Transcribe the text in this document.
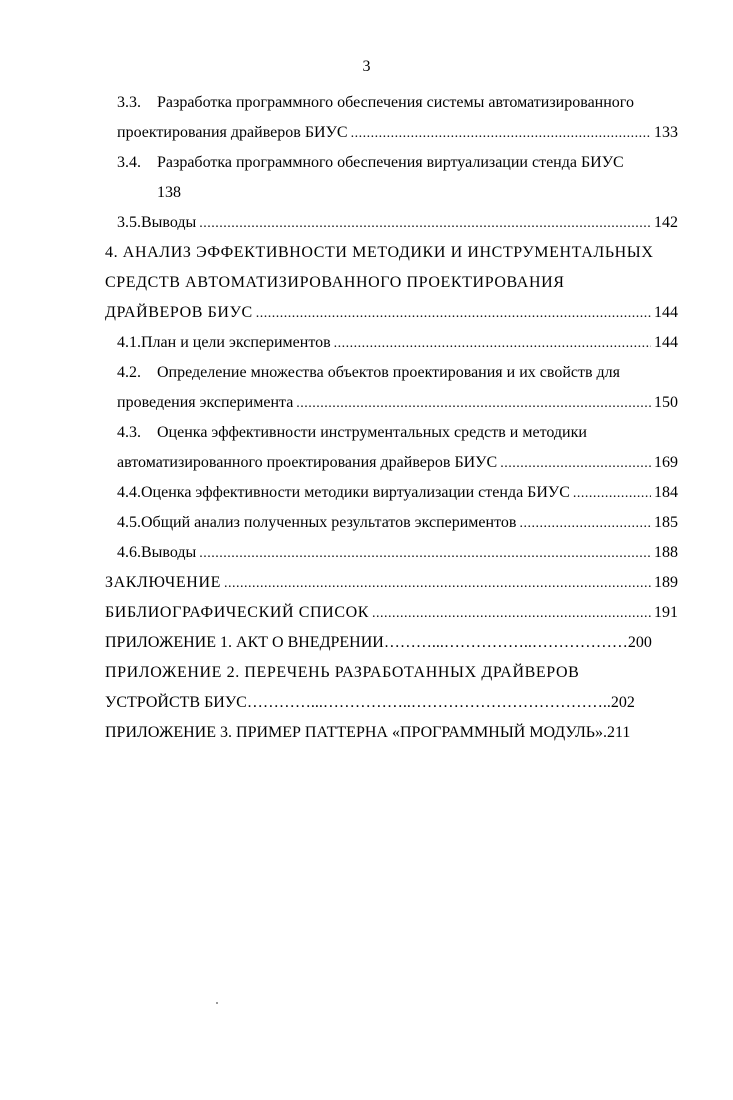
3
3.3. Разработка программного обеспечения системы автоматизированного
проектирования драйверов БИУС .....	133
3.4. Разработка программного обеспечения виртуализации стенда БИУС
138
3.5. Выводы .....	142
4. АНАЛИЗ ЭФФЕКТИВНОСТИ МЕТОДИКИ И ИНСТРУМЕНТАЛЬНЫХ
СРЕДСТВ АВТОМАТИЗИРОВАННОГО ПРОЕКТИРОВАНИЯ
ДРАЙВЕРОВ БИУС .....	144
4.1. План и цели экспериментов .....	144
4.2. Определение множества объектов проектирования и их свойств для
проведения эксперимента .....	150
4.3. Оценка эффективности инструментальных средств и методики
автоматизированного проектирования драйверов БИУС .....	169
4.4. Оценка эффективности методики виртуализации стенда БИУС .....	184
4.5. Общий анализ полученных результатов экспериментов .....	185
4.6. Выводы .....	188
ЗАКЛЮЧЕНИЕ .....	189
БИБЛИОГРАФИЧЕСКИЙ СПИСОК .....	191
ПРИЛОЖЕНИЕ 1. АКТ О ВНЕДРЕНИИ………...……………..………………200
ПРИЛОЖЕНИЕ 2. ПЕРЕЧЕНЬ РАЗРАБОТАННЫХ ДРАЙВЕРОВ
УСТРОЙСТВ БИУС…………...……………..………………………………..202
ПРИЛОЖЕНИЕ 3. ПРИМЕР ПАТТЕРНА «ПРОГРАММНЫЙ МОДУЛЬ».211
